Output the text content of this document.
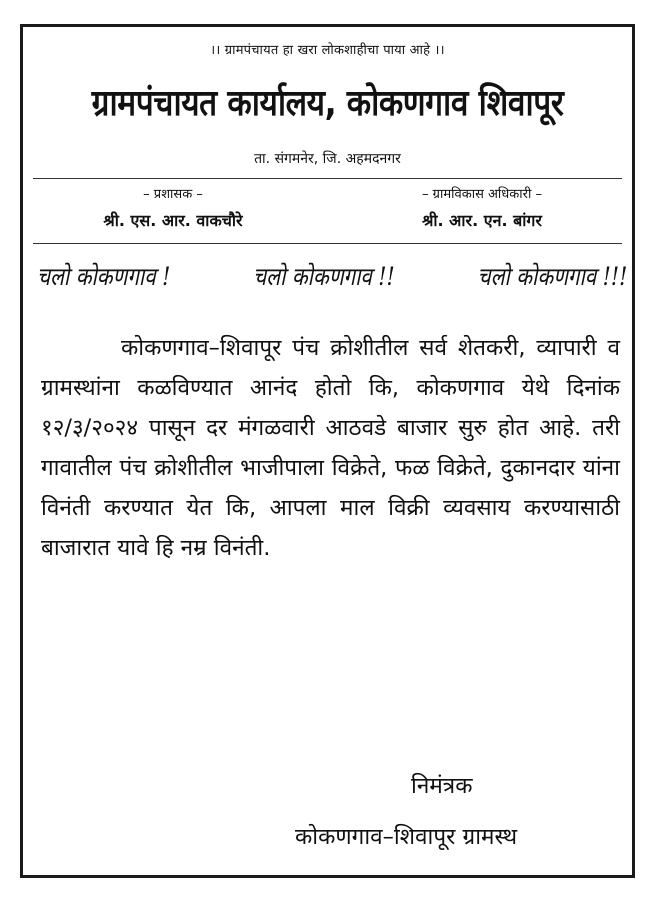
।। ग्रामपंचायत हा खरा लोकशाहीचा पाया आहे ।।
ग्रामपंचायत कार्यालय, कोकणगाव शिवापूर
ता. संगमनेर, जि. अहमदनगर
– प्रशासक –
श्री. एस. आर. वाकचौरे
– ग्रामविकास अधिकारी –
श्री. आर. एन. बांगर
चलो कोकणगाव !	चलो कोकणगाव !!	चलो कोकणगाव !!!
कोकणगाव–शिवापूर पंच क्रोशीतील सर्व शेतकरी, व्यापारी व ग्रामस्थांना कळविण्यात आनंद होतो कि, कोकणगाव येथे दिनांक १२/३/२०२४ पासून दर मंगळवारी आठवडे बाजार सुरु होत आहे. तरी गावातील पंच क्रोशीतील भाजीपाला विक्रेते, फळ विक्रेते, दुकानदार यांना विनंती करण्यात येत कि, आपला माल विक्री व्यवसाय करण्यासाठी बाजारात यावे हि नम्र विनंती.
निमंत्रक
कोकणगाव–शिवापूर ग्रामस्थ
